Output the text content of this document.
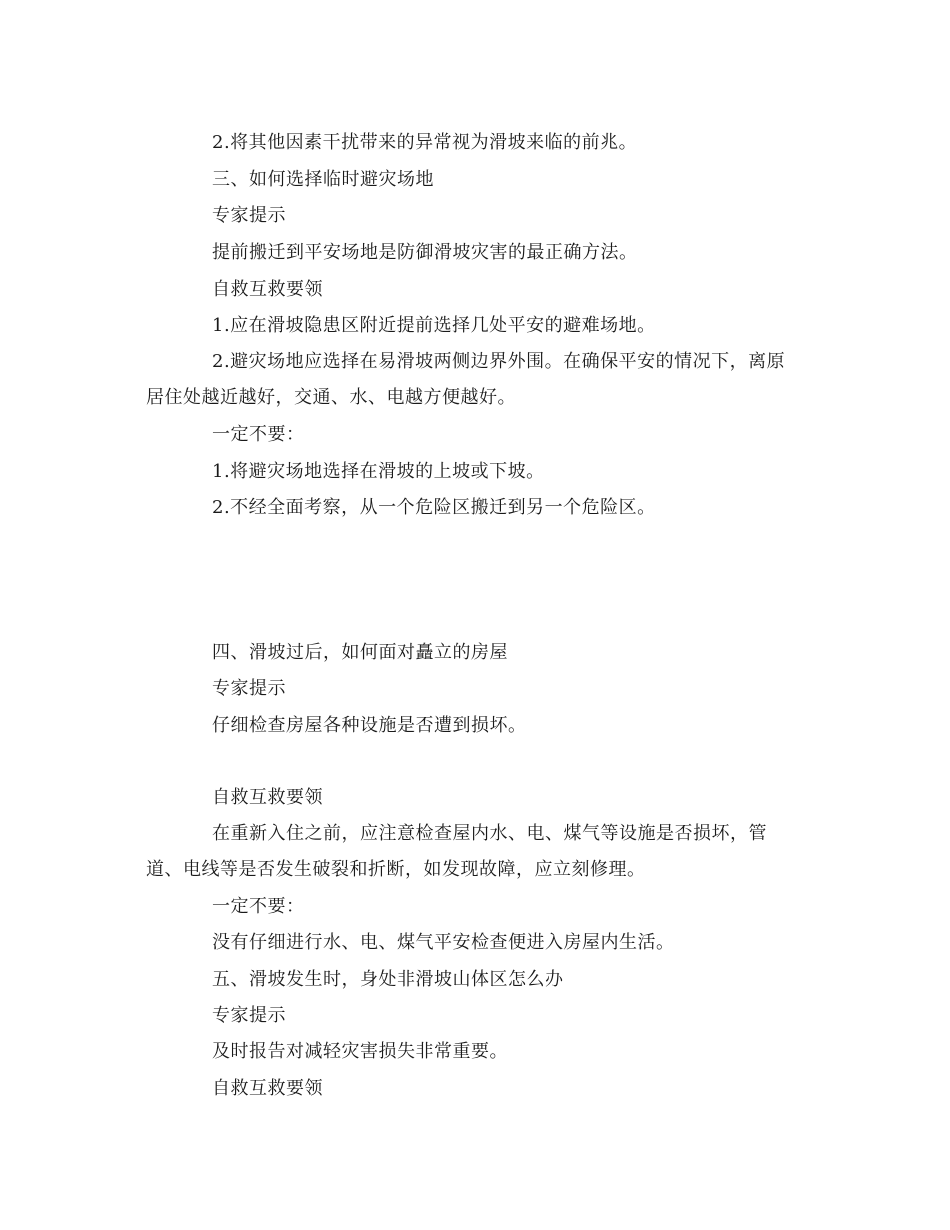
2.将其他因素干扰带来的异常视为滑坡来临的前兆。
三、如何选择临时避灾场地
专家提示
提前搬迁到平安场地是防御滑坡灾害的最正确方法。
自救互救要领
1.应在滑坡隐患区附近提前选择几处平安的避难场地。
2.避灾场地应选择在易滑坡两侧边界外围。在确保平安的情况下，离原
居住处越近越好，交通、水、电越方便越好。
一定不要：
1.将避灾场地选择在滑坡的上坡或下坡。
2.不经全面考察，从一个危险区搬迁到另一个危险区。
四、滑坡过后，如何面对矗立的房屋
专家提示
仔细检查房屋各种设施是否遭到损坏。
自救互救要领
在重新入住之前，应注意检查屋内水、电、煤气等设施是否损坏，管
道、电线等是否发生破裂和折断，如发现故障，应立刻修理。
一定不要：
没有仔细进行水、电、煤气平安检查便进入房屋内生活。
五、滑坡发生时，身处非滑坡山体区怎么办
专家提示
及时报告对减轻灾害损失非常重要。
自救互救要领
